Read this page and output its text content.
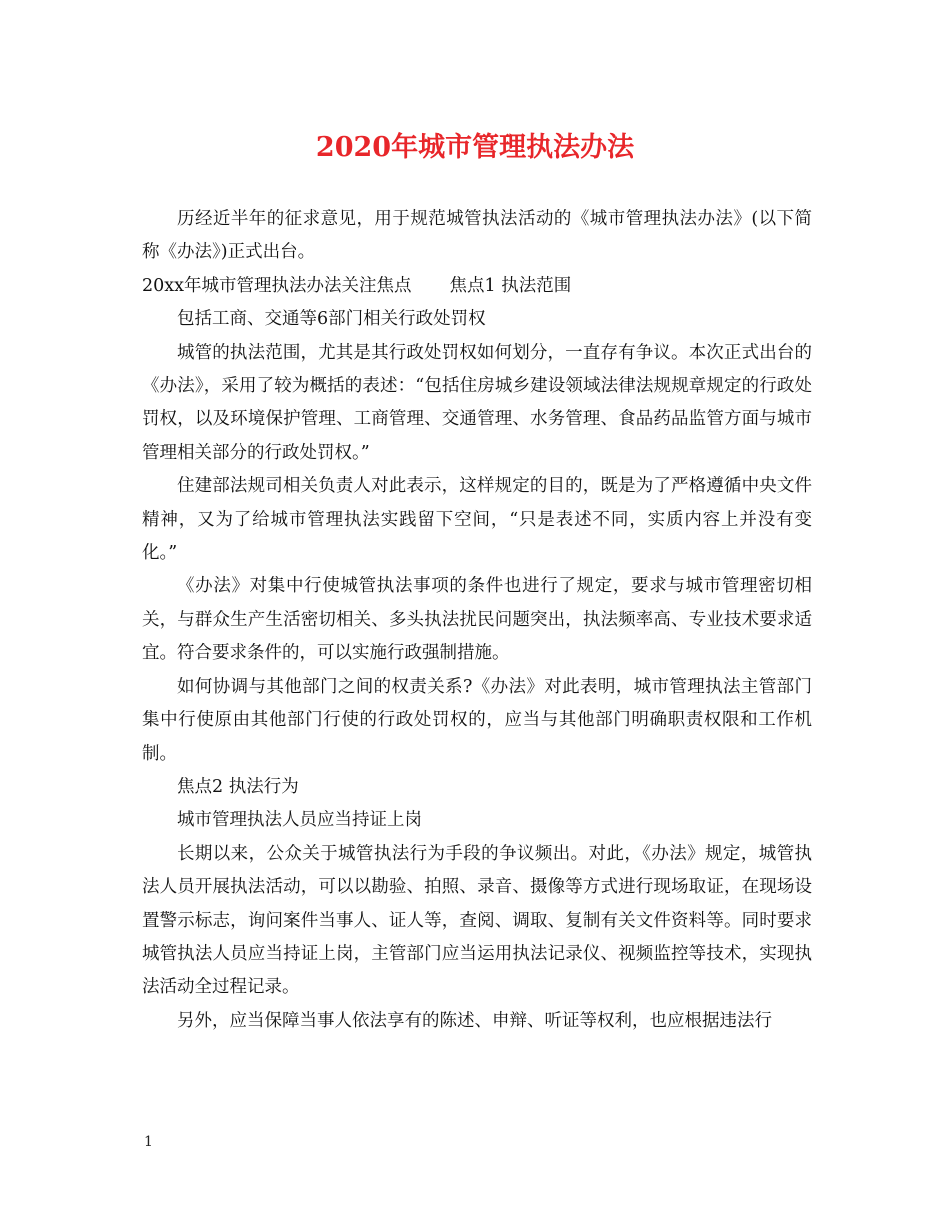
2020年城市管理执法办法

历经近半年的征求意见，用于规范城管执法活动的《城市管理执法办法》(以下简称《办法》)正式出台。

20xx年城市管理执法办法关注焦点 焦点1 执法范围

包括工商、交通等6部门相关行政处罚权

城管的执法范围，尤其是其行政处罚权如何划分，一直存有争议。本次正式出台的《办法》，采用了较为概括的表述：“包括住房城乡建设领域法律法规规章规定的行政处罚权，以及环境保护管理、工商管理、交通管理、水务管理、食品药品监管方面与城市管理相关部分的行政处罚权。”

住建部法规司相关负责人对此表示，这样规定的目的，既是为了严格遵循中央文件精神，又为了给城市管理执法实践留下空间，“只是表述不同，实质内容上并没有变化。”

《办法》对集中行使城管执法事项的条件也进行了规定，要求与城市管理密切相关，与群众生产生活密切相关、多头执法扰民问题突出，执法频率高、专业技术要求适宜。符合要求条件的，可以实施行政强制措施。

如何协调与其他部门之间的权责关系?《办法》对此表明，城市管理执法主管部门集中行使原由其他部门行使的行政处罚权的，应当与其他部门明确职责权限和工作机制。

焦点2 执法行为

城市管理执法人员应当持证上岗

长期以来，公众关于城管执法行为手段的争议频出。对此，《办法》规定，城管执法人员开展执法活动，可以以勘验、拍照、录音、摄像等方式进行现场取证，在现场设置警示标志，询问案件当事人、证人等，查阅、调取、复制有关文件资料等。同时要求城管执法人员应当持证上岗，主管部门应当运用执法记录仪、视频监控等技术，实现执法活动全过程记录。

另外，应当保障当事人依法享有的陈述、申辩、听证等权利，也应根据违法行

1
